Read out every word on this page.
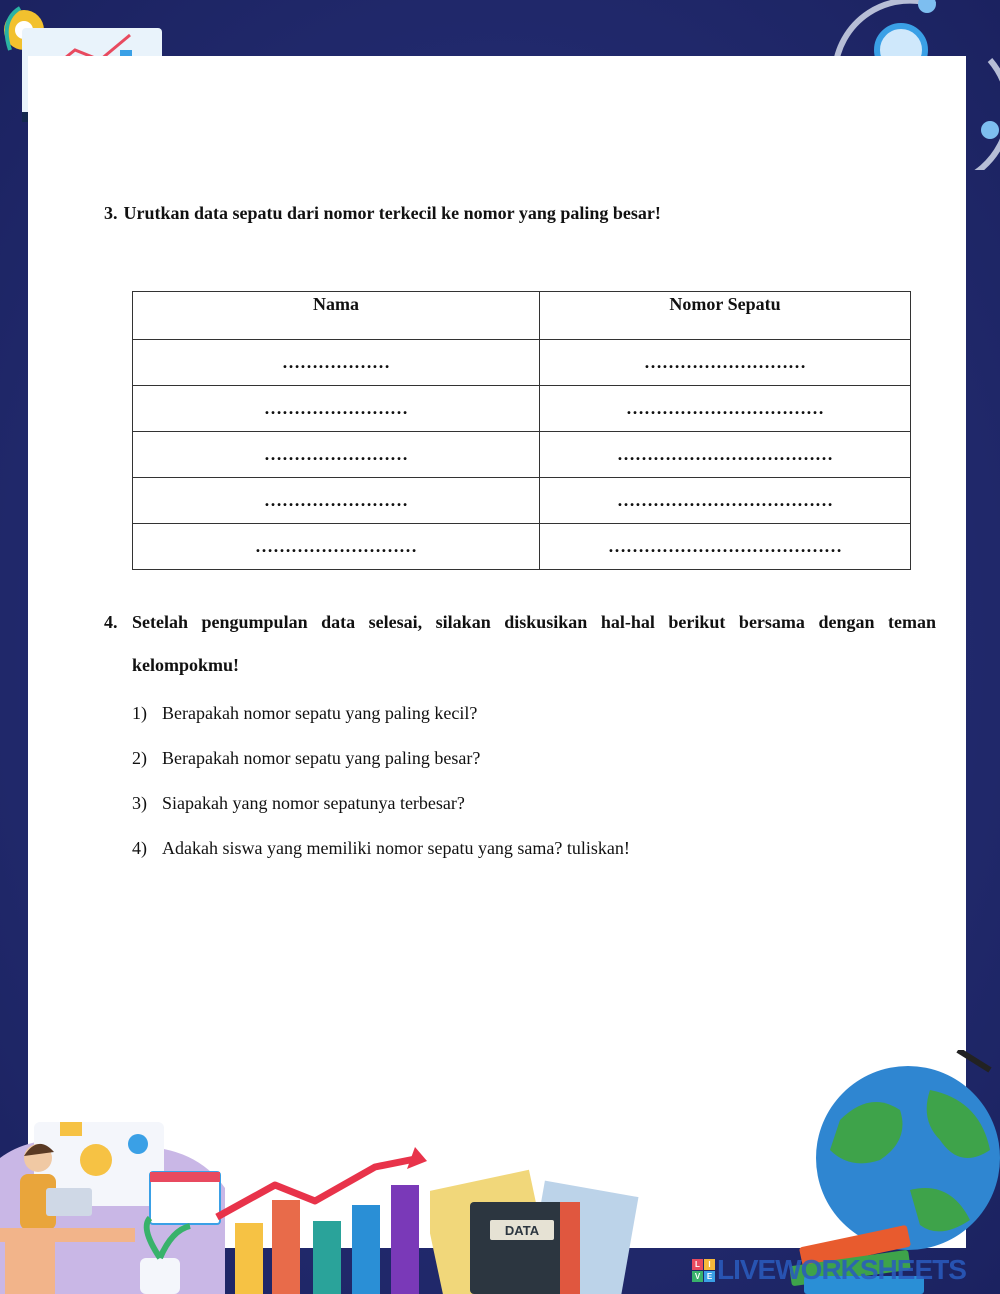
3. Urutkan data sepatu dari nomor terkecil ke nomor yang paling besar!
Nama	Nomor Sepatu
………………	………………………
……………………	……………………………
……………………	………………………………
……………………	………………………………
………………………	…………………………………
4. Setelah pengumpulan data selesai, silakan diskusikan hal-hal berikut bersama dengan teman
kelompokmu!
1) Berapakah nomor sepatu yang paling kecil?
2) Berapakah nomor sepatu yang paling besar?
3) Siapakah yang nomor sepatunya terbesar?
4) Adakah siswa yang memiliki nomor sepatu yang sama? tuliskan!
DATA
L	I
V E LIVEWORKSHEETS
